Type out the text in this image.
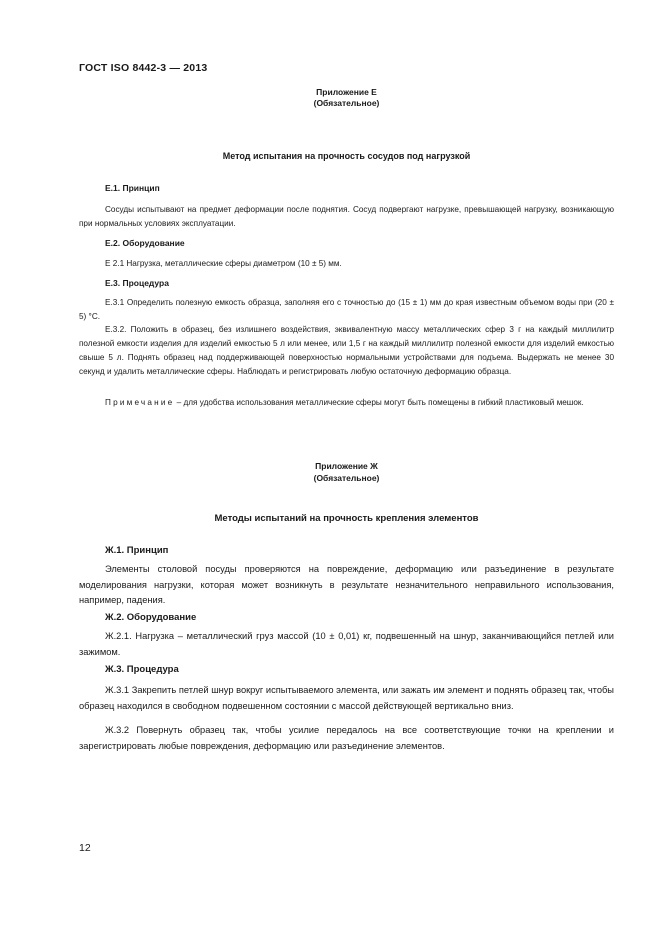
ГОСТ ISO 8442-3 — 2013
Приложение Е
(Обязательное)
Метод испытания на прочность сосудов под нагрузкой
Е.1. Принцип
Сосуды испытывают на предмет деформации после поднятия. Сосуд подвергают нагрузке, превышающей нагрузку, возникающую при нормальных условиях эксплуатации.
Е.2. Оборудование
Е 2.1 Нагрузка, металлические сферы диаметром (10 ± 5) мм.
Е.3. Процедура
Е.3.1 Определить полезную емкость образца, заполняя его с точностью до (15 ± 1) мм до края известным объемом воды при (20 ± 5) °С.
Е.3.2. Положить в образец, без излишнего воздействия, эквивалентную массу металлических сфер 3 г на каждый миллилитр полезной емкости изделия для изделий емкостью 5 л или менее, или 1,5 г на каждый миллилитр полезной емкости для изделий емкостью свыше 5 л. Поднять образец над поддерживающей поверхностью нормальными устройствами для подъема. Выдержать не менее 30 секунд и удалить металлические сферы. Наблюдать и регистрировать любую остаточную деформацию образца.
Примечание – для удобства использования металлические сферы могут быть помещены в гибкий пластиковый мешок.
Приложение Ж
(Обязательное)
Методы испытаний на прочность крепления элементов
Ж.1. Принцип
Элементы столовой посуды проверяются на повреждение, деформацию или разъединение в результате моделирования нагрузки, которая может возникнуть в результате незначительного неправильного использования, например, падения.
Ж.2. Оборудование
Ж.2.1. Нагрузка – металлический груз массой (10 ± 0,01) кг, подвешенный на шнур, заканчивающийся петлей или зажимом.
Ж.3. Процедура
Ж.3.1 Закрепить петлей шнур вокруг испытываемого элемента, или зажать им элемент и поднять образец так, чтобы образец находился в свободном подвешенном состоянии с массой действующей вертикально вниз.
Ж.3.2 Повернуть образец так, чтобы усилие передалось на все соответствующие точки на креплении и зарегистрировать любые повреждения, деформацию или разъединение элементов.
12
